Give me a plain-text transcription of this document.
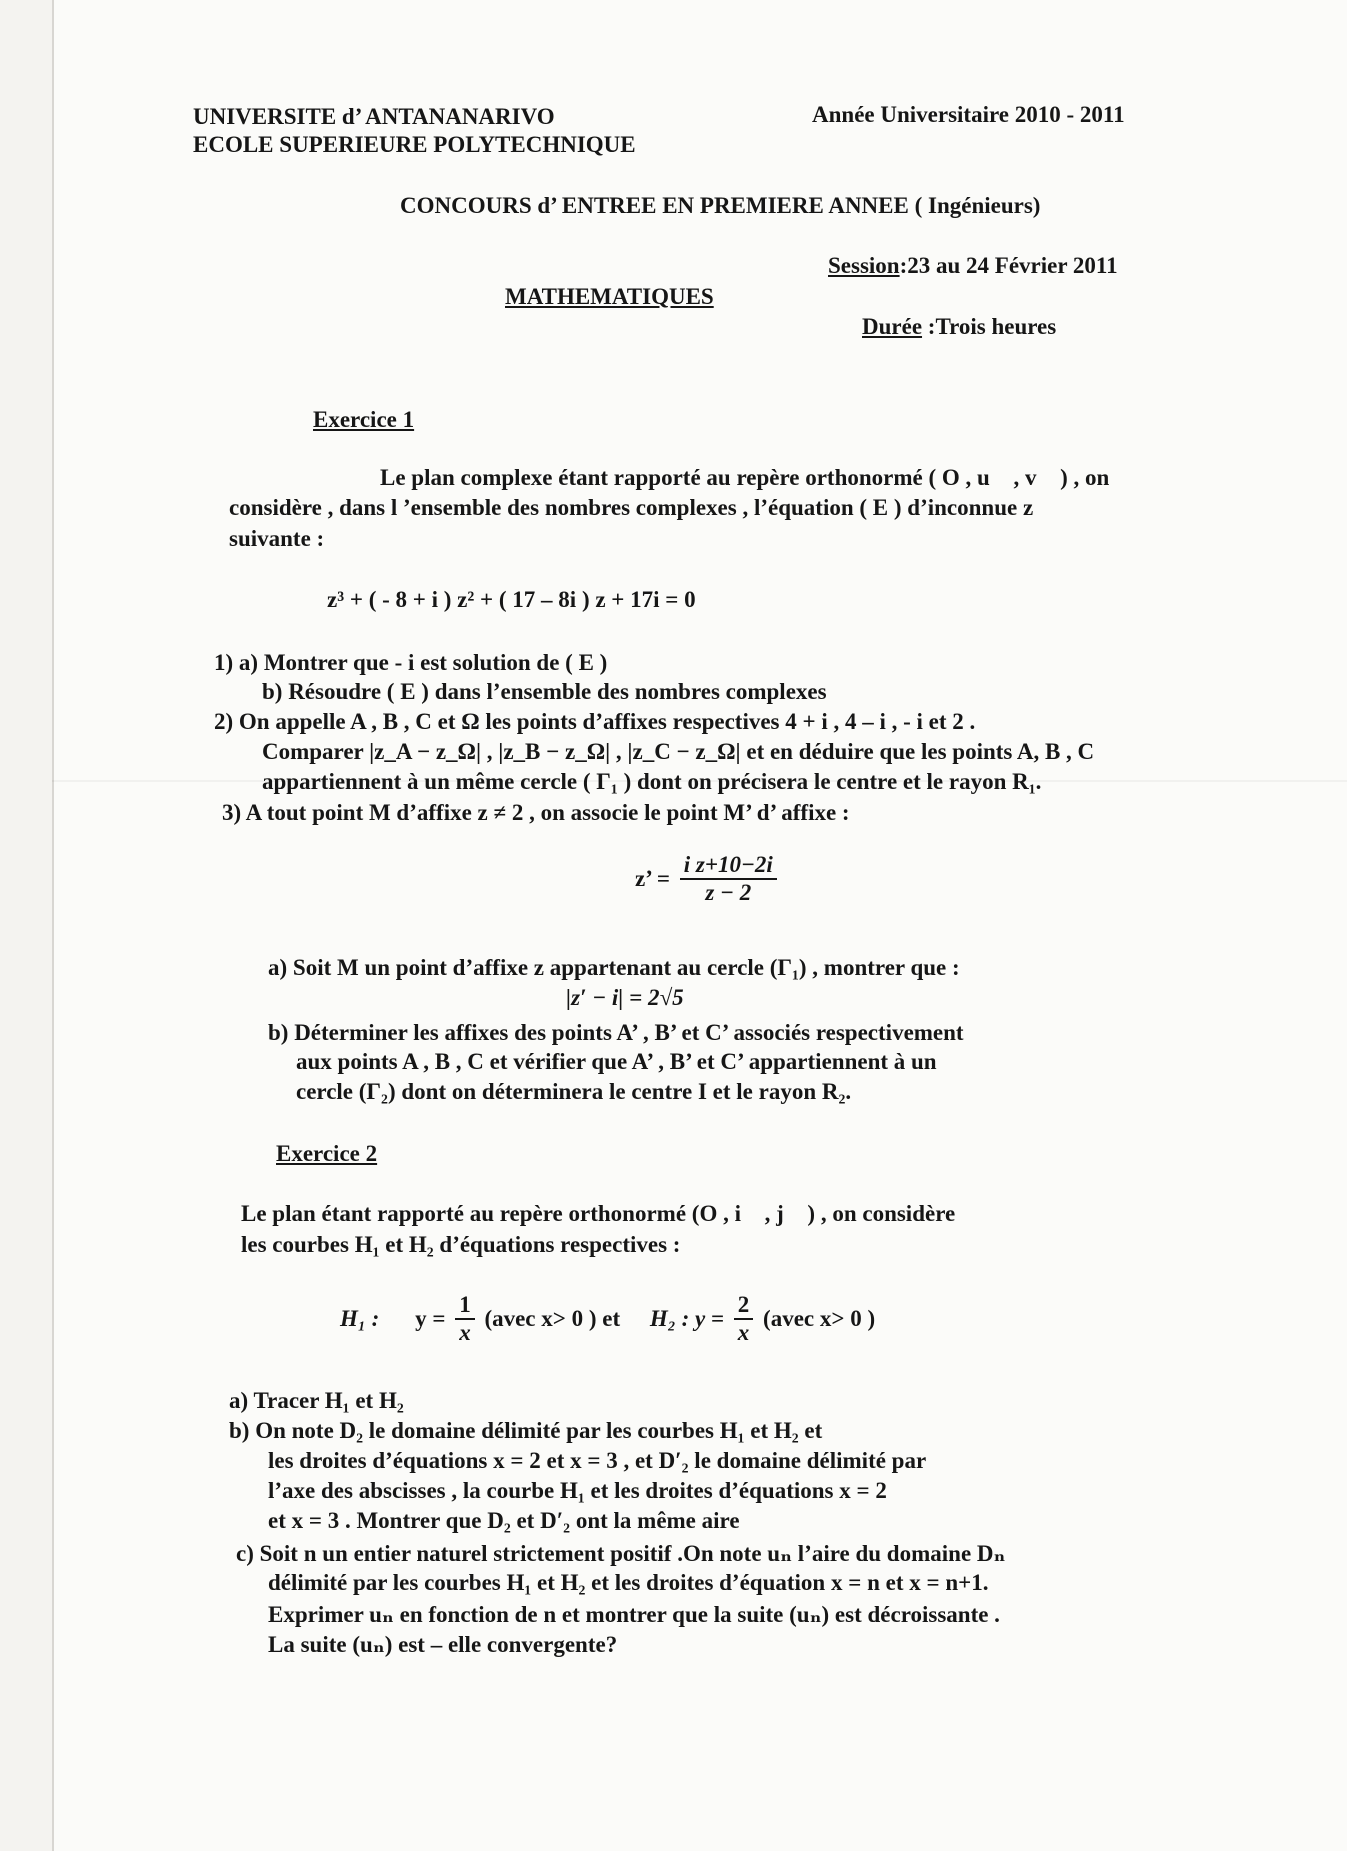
UNIVERSITE d’ ANTANANARIVO
ECOLE SUPERIEURE POLYTECHNIQUE
Année Universitaire 2010 - 2011
CONCOURS d’ ENTREE EN PREMIERE ANNEE ( Ingénieurs)
Session:23 au 24 Février 2011
MATHEMATIQUES
Durée :Trois heures
Exercice 1
Le plan complexe étant rapporté au repère orthonormé ( O , u⃗ , v⃗ ) , on
considère , dans l ’ensemble des nombres complexes , l’équation ( E ) d’inconnue z
suivante :
z³ + ( - 8 + i ) z² + ( 17 – 8i ) z + 17i = 0
1) a) Montrer que - i est solution de ( E )
b) Résoudre ( E ) dans l’ensemble des nombres complexes
2) On appelle A , B , C et Ω les points d’affixes respectives 4 + i , 4 – i , - i et 2 .
Comparer |z_A − z_Ω| , |z_B − z_Ω| , |z_C − z_Ω| et en déduire que les points A, B , C
appartiennent à un même cercle ( Γ₁ ) dont on précisera le centre et le rayon R₁.
3) A tout point M d’affixe z ≠ 2 , on associe le point M’ d’ affixe :
z’ = $\frac{\text{i z+10−2i}}{z - 2}$
a) Soit M un point d’affixe z appartenant au cercle (Γ₁) , montrer que :
|z′ − i| = 2√5
b) Déterminer les affixes des points A’ , B’ et C’ associés respectivement
aux points A , B , C et vérifier que A’ , B’ et C’ appartiennent à un
cercle (Γ₂) dont on déterminera le centre I et le rayon R₂.
Exercice 2
Le plan étant rapporté au repère orthonormé (O , i⃗ , j⃗ ) , on considère
les courbes H₁ et H₂ d’équations respectives :
H₁ : $y = \frac{1}{x}$ (avec x> 0 ) et H₂ : $y = \frac{2}{x}$ (avec x> 0 )
a) Tracer H₁ et H₂
b) On note D₂ le domaine délimité par les courbes H₁ et H₂ et
les droites d’équations x = 2 et x = 3 , et D′₂ le domaine délimité par
l’axe des abscisses , la courbe H₁ et les droites d’équations x = 2
et x = 3 . Montrer que D₂ et D′₂ ont la même aire
c) Soit n un entier naturel strictement positif .On note uₙ l’aire du domaine Dₙ
délimité par les courbes H₁ et H₂ et les droites d’équation x = n et x = n+1.
Exprimer uₙ en fonction de n et montrer que la suite (uₙ) est décroissante .
La suite (uₙ) est – elle convergente?
